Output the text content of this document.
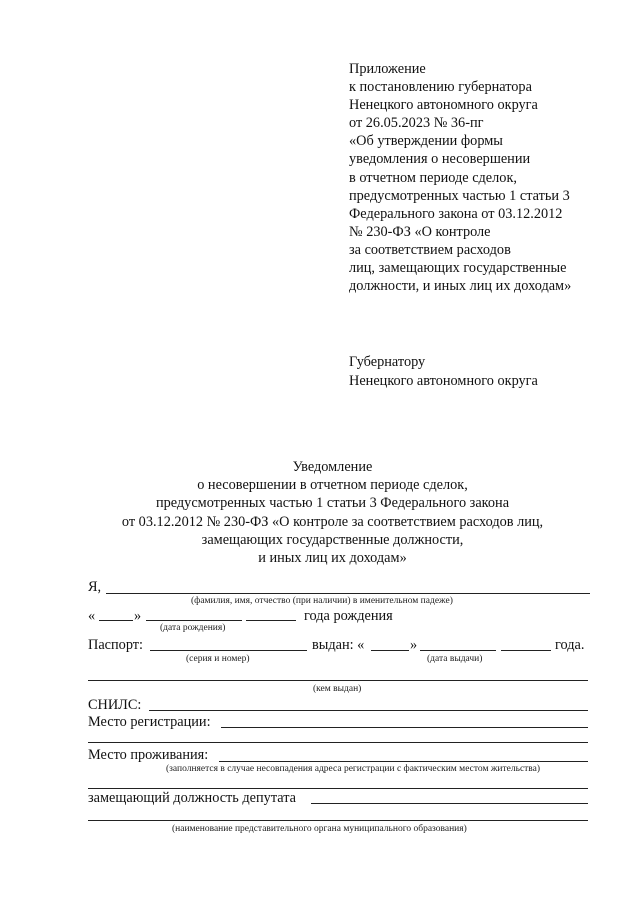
Приложение
к постановлению губернатора
Ненецкого автономного округа
от 26.05.2023 № 36-пг
«Об утверждении формы
уведомления о несовершении
в отчетном периоде сделок,
предусмотренных частью 1 статьи 3
Федерального закона от 03.12.2012
№ 230-ФЗ «О контроле
за соответствием расходов
лиц, замещающих государственные
должности, и иных лиц их доходам»
Губернатору
Ненецкого автономного округа
Уведомление
о несовершении в отчетном периоде сделок,
предусмотренных частью 1 статьи 3 Федерального закона
от 03.12.2012 № 230-ФЗ «О контроле за соответствием расходов лиц,
замещающих государственные должности,
и иных лиц их доходам»
Я,
(фамилия, имя, отчество (при наличии) в именительном падеже)
«	»	года рождения
(дата рождения)
Паспорт:	выдан: «	»	года.
(серия и номер)	(дата выдачи)
(кем выдан)
СНИЛС:
Место регистрации:
Место проживания:
(заполняется в случае несовпадения адреса регистрации с фактическим местом жительства)
замещающий должность депутата
(наименование представительного органа муниципального образования)
